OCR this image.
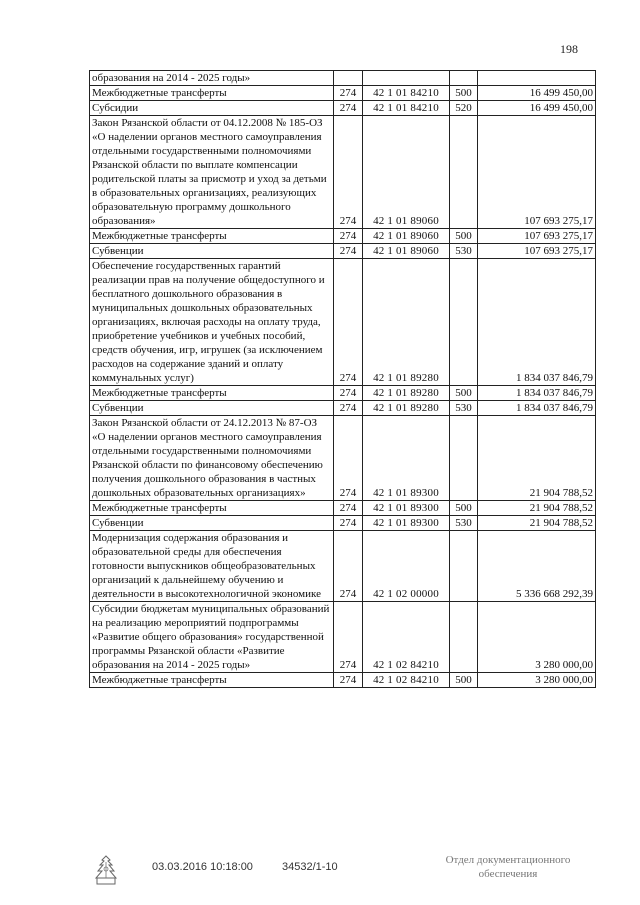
198
образования на 2014 - 2025 годы»				
Межбюджетные трансферты	274	42 1 01 84210	500	16 499 450,00
Субсидии	274	42 1 01 84210	520	16 499 450,00
Закон Рязанской области от 04.12.2008 № 185-ОЗ «О наделении органов местного самоуправления отдельными государственными полномочиями Рязанской области по выплате компенсации родительской платы за присмотр и уход за детьми в образовательных организациях, реализующих образовательную программу дошкольного образования»	274	42 1 01 89060		107 693 275,17
Межбюджетные трансферты	274	42 1 01 89060	500	107 693 275,17
Субвенции	274	42 1 01 89060	530	107 693 275,17
Обеспечение государственных гарантий реализации прав на получение общедоступного и бесплатного дошкольного образования в муниципальных дошкольных образовательных организациях, включая расходы на оплату труда, приобретение учебников и учебных пособий, средств обучения, игр, игрушек (за исключением расходов на содержание зданий и оплату коммунальных услуг)	274	42 1 01 89280		1 834 037 846,79
Межбюджетные трансферты	274	42 1 01 89280	500	1 834 037 846,79
Субвенции	274	42 1 01 89280	530	1 834 037 846,79
Закон Рязанской области от 24.12.2013 № 87-ОЗ «О наделении органов местного самоуправления отдельными государственными полномочиями Рязанской области по финансовому обеспечению получения дошкольного образования в частных дошкольных образовательных организациях»	274	42 1 01 89300		21 904 788,52
Межбюджетные трансферты	274	42 1 01 89300	500	21 904 788,52
Субвенции	274	42 1 01 89300	530	21 904 788,52
Модернизация содержания образования и образовательной среды для обеспечения готовности выпускников общеобразовательных организаций к дальнейшему обучению и деятельности в высокотехнологичной экономике	274	42 1 02 00000		5 336 668 292,39
Субсидии бюджетам муниципальных образований на реализацию мероприятий подпрограммы «Развитие общего образования» государственной программы Рязанской области «Развитие образования на 2014 - 2025 годы»	274	42 1 02 84210		3 280 000,00
Межбюджетные трансферты	274	42 1 02 84210	500	3 280 000,00
03.03.2016 10:18:00	34532/1-10
Отдел документационного
обеспечения
